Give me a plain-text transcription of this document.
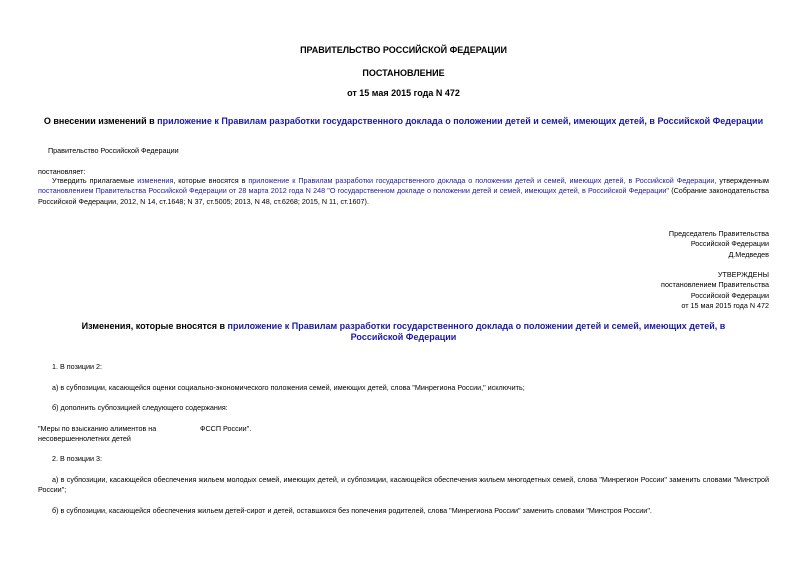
ПРАВИТЕЛЬСТВО РОССИЙСКОЙ ФЕДЕРАЦИИ
ПОСТАНОВЛЕНИЕ
от 15 мая 2015 года N 472
О внесении изменений в приложение к Правилам разработки государственного доклада о положении детей и семей, имеющих детей, в Российской Федерации
Правительство Российской Федерации
постановляет:
Утвердить прилагаемые изменения, которые вносятся в приложение к Правилам разработки государственного доклада о положении детей и семей, имеющих детей, в Российской Федерации, утвержденным постановлением Правительства Российской Федерации от 28 марта 2012 года N 248 "О государственном докладе о положении детей и семей, имеющих детей, в Российской Федерации" (Собрание законодательства Российской Федерации, 2012, N 14, ст.1648; N 37, ст.5005; 2013, N 48, ст.6268; 2015, N 11, ст.1607).
Председатель Правительства
Российской Федерации
Д.Медведев
УТВЕРЖДЕНЫ
постановлением Правительства
Российской Федерации
от 15 мая 2015 года N 472
Изменения, которые вносятся в приложение к Правилам разработки государственного доклада о положении детей и семей, имеющих детей, в Российской Федерации
1. В позиции 2:
а) в субпозиции, касающейся оценки социально-экономического положения семей, имеющих детей, слова "Минрегиона России," исключить;
б) дополнить субпозицией следующего содержания:
"Меры по взысканию алиментов на
несовершеннолетних детей
ФССП России".
2. В позиции 3:
а) в субпозиции, касающейся обеспечения жильем молодых семей, имеющих детей, и субпозиции, касающейся обеспечения жильем многодетных семей, слова "Минрегион России" заменить словами "Минстрой России";
б) в субпозиции, касающейся обеспечения жильем детей-сирот и детей, оставшихся без попечения родителей, слова "Минрегиона России" заменить словами "Минстроя России".
